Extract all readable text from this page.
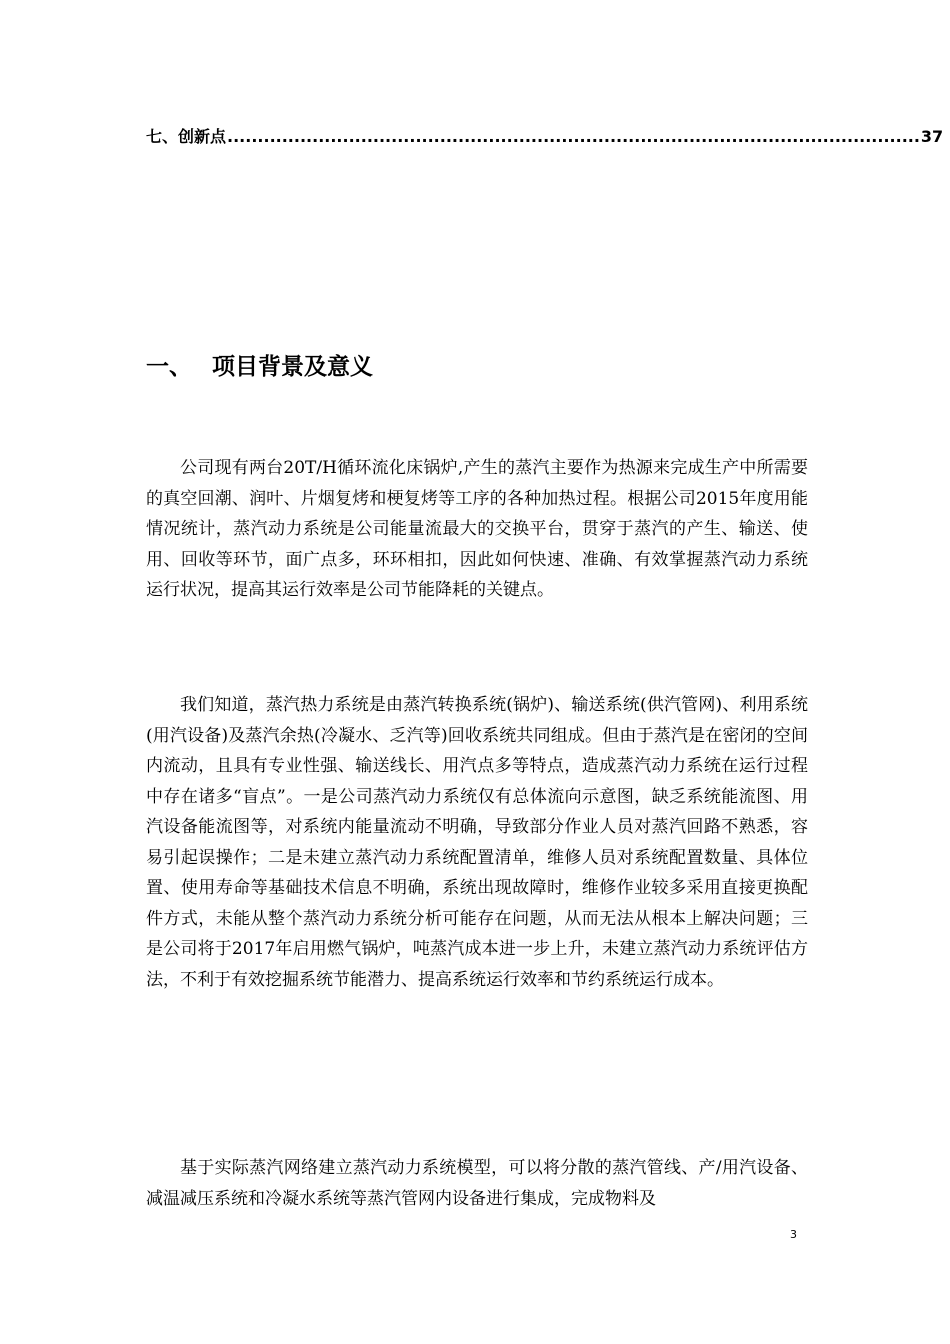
七、创新点 .................................................................................................................. 37
一、 项目背景及意义

公司现有两台20T/H循环流化床锅炉,产生的蒸汽主要作为热源来完成生产中所需要的真空回潮、润叶、片烟复烤和梗复烤等工序的各种加热过程。根据公司2015年度用能情况统计，蒸汽动力系统是公司能量流最大的交换平台，贯穿于蒸汽的产生、输送、使用、回收等环节，面广点多，环环相扣，因此如何快速、准确、有效掌握蒸汽动力系统运行状况，提高其运行效率是公司节能降耗的关键点。

我们知道，蒸汽热力系统是由蒸汽转换系统(锅炉)、输送系统(供汽管网)、利用系统(用汽设备)及蒸汽余热(冷凝水、乏汽等)回收系统共同组成。但由于蒸汽是在密闭的空间内流动，且具有专业性强、输送线长、用汽点多等特点，造成蒸汽动力系统在运行过程中存在诸多“盲点”。一是公司蒸汽动力系统仅有总体流向示意图，缺乏系统能流图、用汽设备能流图等，对系统内能量流动不明确，导致部分作业人员对蒸汽回路不熟悉，容易引起误操作；二是未建立蒸汽动力系统配置清单，维修人员对系统配置数量、具体位置、使用寿命等基础技术信息不明确，系统出现故障时，维修作业较多采用直接更换配件方式，未能从整个蒸汽动力系统分析可能存在问题，从而无法从根本上解决问题；三是公司将于2017年启用燃气锅炉，吨蒸汽成本进一步上升，未建立蒸汽动力系统评估方法，不利于有效挖掘系统节能潜力、提高系统运行效率和节约系统运行成本。

基于实际蒸汽网络建立蒸汽动力系统模型，可以将分散的蒸汽管线、产/用汽设备、减温减压系统和冷凝水系统等蒸汽管网内设备进行集成，完成物料及

3
